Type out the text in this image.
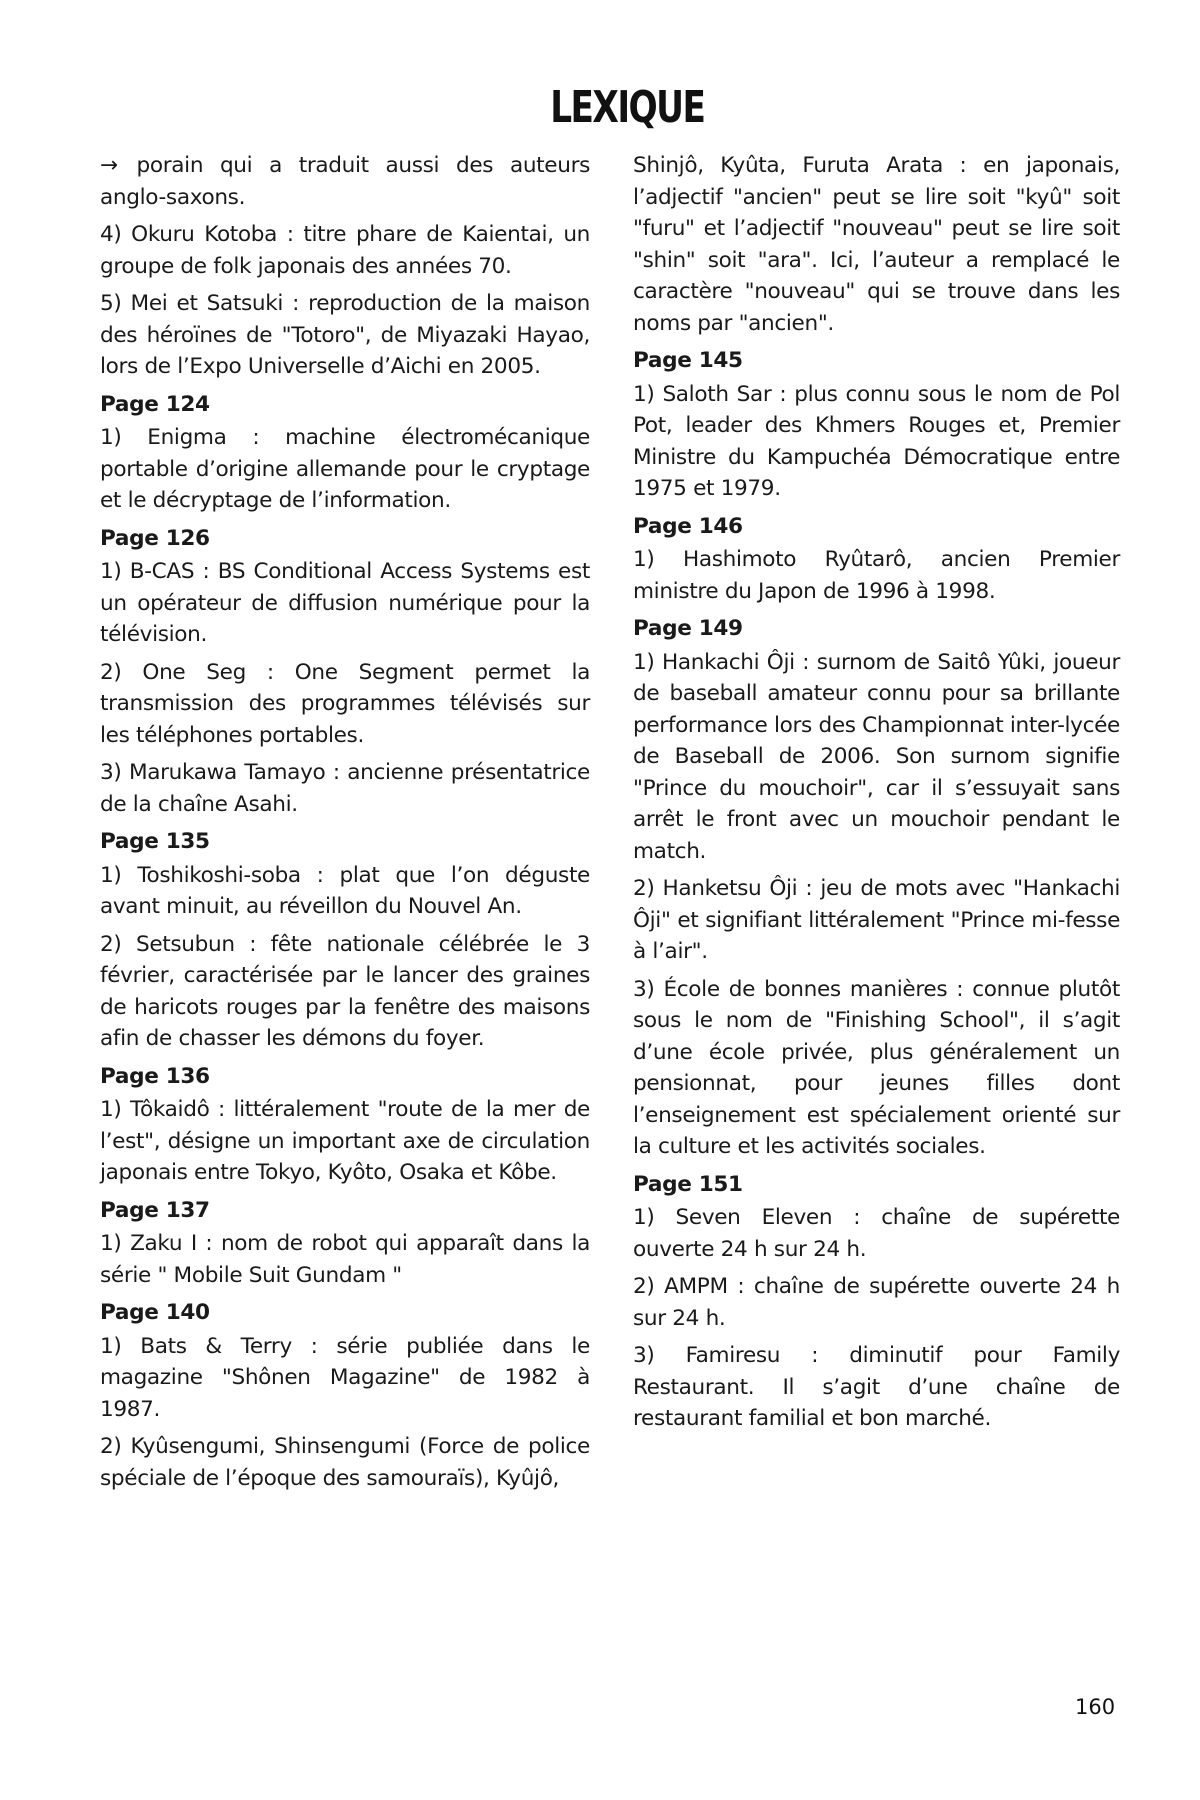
LEXIQUE
→ porain qui a traduit aussi des auteurs anglo-saxons.
4) Okuru Kotoba : titre phare de Kaientai, un groupe de folk japonais des années 70.
5) Mei et Satsuki : reproduction de la maison des héroïnes de "Totoro", de Miyazaki Hayao, lors de l’Expo Universelle d’Aichi en 2005.
Page 124
1) Enigma : machine électromécanique portable d’origine allemande pour le cryptage et le décryptage de l’information.
Page 126
1) B-CAS : BS Conditional Access Systems est un opérateur de diffusion numérique pour la télévision.
2) One Seg : One Segment permet la transmission des programmes télévisés sur les téléphones portables.
3) Marukawa Tamayo : ancienne présentatrice de la chaîne Asahi.
Page 135
1) Toshikoshi-soba : plat que l’on déguste avant minuit, au réveillon du Nouvel An.
2) Setsubun : fête nationale célébrée le 3 février, caractérisée par le lancer des graines de haricots rouges par la fenêtre des maisons afin de chasser les démons du foyer.
Page 136
1) Tôkaidô : littéralement "route de la mer de l’est", désigne un important axe de circulation japonais entre Tokyo, Kyôto, Osaka et Kôbe.
Page 137
1) Zaku I : nom de robot qui apparaît dans la série " Mobile Suit Gundam "
Page 140
1) Bats & Terry : série publiée dans le magazine "Shônen Magazine" de 1982 à 1987.
2) Kyûsengumi, Shinsengumi (Force de police spéciale de l’époque des samouraïs), Kyûjô,
Shinjô, Kyûta, Furuta Arata : en japonais, l’adjectif "ancien" peut se lire soit "kyû" soit "furu" et l’adjectif "nouveau" peut se lire soit "shin" soit "ara". Ici, l’auteur a remplacé le caractère "nouveau" qui se trouve dans les noms par "ancien".
Page 145
1) Saloth Sar : plus connu sous le nom de Pol Pot, leader des Khmers Rouges et, Premier Ministre du Kampuchéa Démocratique entre 1975 et 1979.
Page 146
1) Hashimoto Ryûtarô, ancien Premier ministre du Japon de 1996 à 1998.
Page 149
1) Hankachi Ôji : surnom de Saitô Yûki, joueur de baseball amateur connu pour sa brillante performance lors des Championnat inter-lycée de Baseball de 2006. Son surnom signifie "Prince du mouchoir", car il s’essuyait sans arrêt le front avec un mouchoir pendant le match.
2) Hanketsu Ôji : jeu de mots avec "Hankachi Ôji" et signifiant littéralement "Prince mi-fesse à l’air".
3) École de bonnes manières : connue plutôt sous le nom de "Finishing School", il s’agit d’une école privée, plus généralement un pensionnat, pour jeunes filles dont l’enseignement est spécialement orienté sur la culture et les activités sociales.
Page 151
1) Seven Eleven : chaîne de supérette ouverte 24 h sur 24 h.
2) AMPM : chaîne de supérette ouverte 24 h sur 24 h.
3) Famiresu : diminutif pour Family Restaurant. Il s’agit d’une chaîne de restaurant familial et bon marché.
160
